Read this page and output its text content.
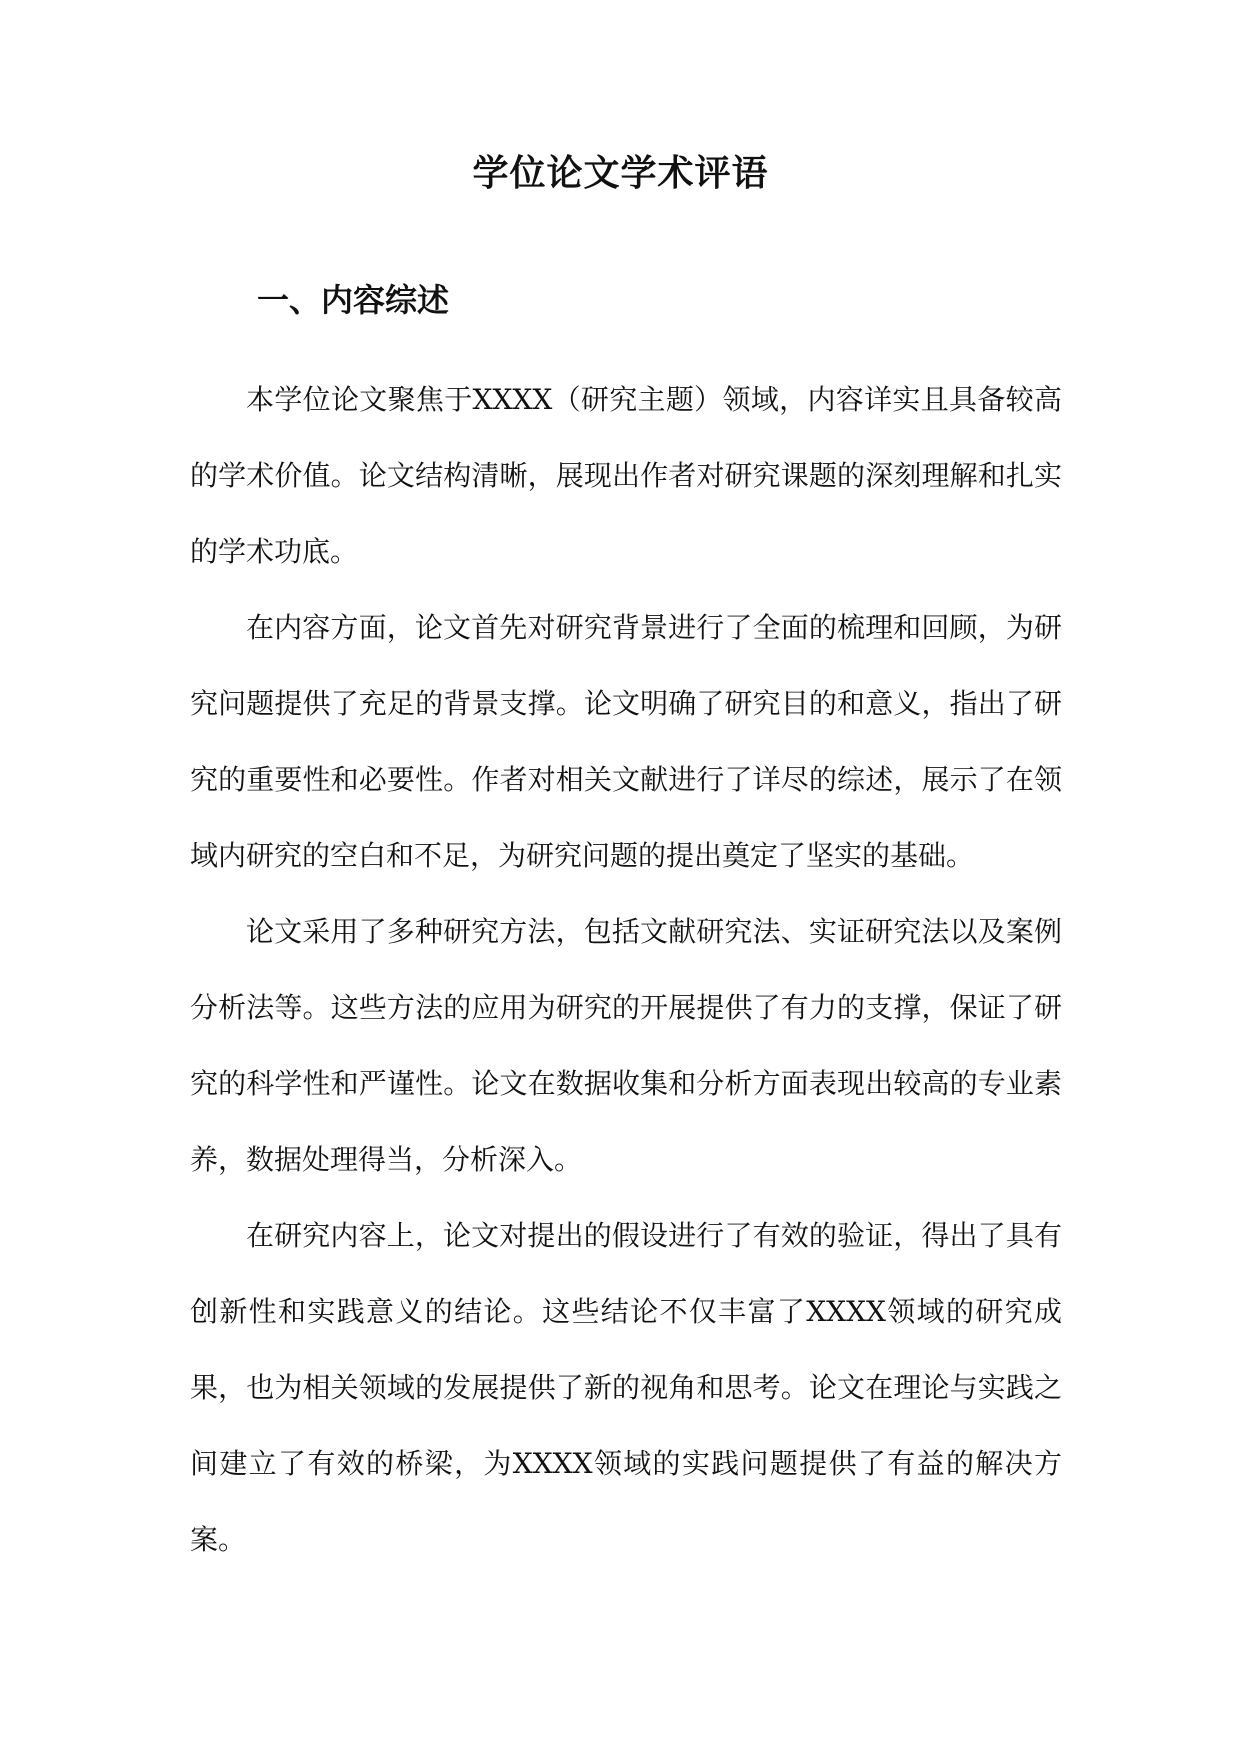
学位论文学术评语
一、内容综述

本学位论文聚焦于XXXX（研究主题）领域，内容详实且具备较高的学术价值。论文结构清晰，展现出作者对研究课题的深刻理解和扎实的学术功底。

在内容方面，论文首先对研究背景进行了全面的梳理和回顾，为研究问题提供了充足的背景支撑。论文明确了研究目的和意义，指出了研究的重要性和必要性。作者对相关文献进行了详尽的综述，展示了在领域内研究的空白和不足，为研究问题的提出奠定了坚实的基础。

论文采用了多种研究方法，包括文献研究法、实证研究法以及案例分析法等。这些方法的应用为研究的开展提供了有力的支撑，保证了研究的科学性和严谨性。论文在数据收集和分析方面表现出较高的专业素养，数据处理得当，分析深入。

在研究内容上，论文对提出的假设进行了有效的验证，得出了具有创新性和实践意义的结论。这些结论不仅丰富了XXXX领域的研究成果，也为相关领域的发展提供了新的视角和思考。论文在理论与实践之间建立了有效的桥梁，为XXXX领域的实践问题提供了有益的解决方案。
